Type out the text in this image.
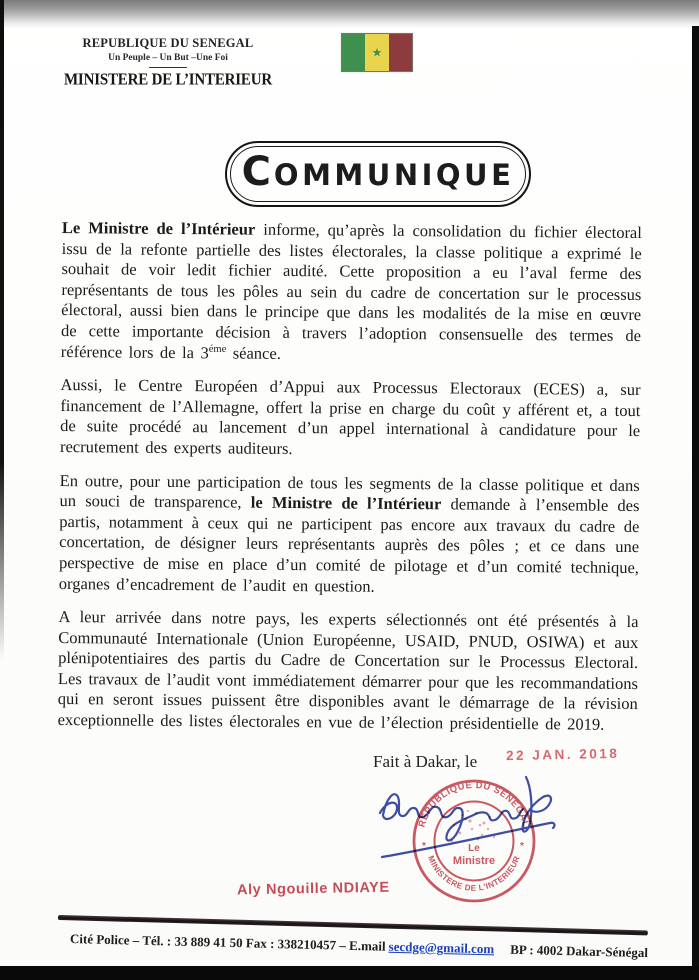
REPUBLIQUE DU SENEGAL
Un Peuple – Un But –Une Foi
MINISTERE DE L’INTERIEUR
★
COMMUNIQUE

Le Ministre de l’Intérieur informe, qu’après la consolidation du fichier électoral issu de la refonte partielle des listes électorales, la classe politique a exprimé le souhait de voir ledit fichier audité. Cette proposition a eu l’aval ferme des représentants de tous les pôles au sein du cadre de concertation sur le processus électoral, aussi bien dans le principe que dans les modalités de la mise en œuvre de cette importante décision à travers l’adoption consensuelle des termes de référence lors de la $3^{éme}$ séance.

Aussi, le Centre Européen d’Appui aux Processus Electoraux (ECES) a, sur financement de l’Allemagne, offert la prise en charge du coût y afférent et, a tout de suite procédé au lancement d’un appel international à candidature pour le recrutement des experts auditeurs.

En outre, pour une participation de tous les segments de la classe politique et dans un souci de transparence, le Ministre de l’Intérieur demande à l’ensemble des partis, notamment à ceux qui ne participent pas encore aux travaux du cadre de concertation, de désigner leurs représentants auprès des pôles ; et ce dans une perspective de mise en place d’un comité de pilotage et d’un comité technique, organes d’encadrement de l’audit en question.

A leur arrivée dans notre pays, les experts sélectionnés ont été présentés à la Communauté Internationale (Union Européenne, USAID, PNUD, OSIWA) et aux plénipotentiaires des partis du Cadre de Concertation sur le Processus Electoral. Les travaux de l’audit vont immédiatement démarrer pour que les recommandations qui en seront issues puissent être disponibles avant le démarrage de la révision exceptionnelle des listes électorales en vue de l’élection présidentielle de 2019.

Fait à Dakar, le 22 JAN. 2018
REPUBLIQUE DU SENEGAL
MINISTERE DE L'INTERIEUR
*	*
Le
Ministre
Aly Ngouille NDIAYE
Cité Police – Tél. : 33 889 41 50 Fax : 338210457 – E.mail secdge@gmail.com BP : 4002 Dakar-Sénégal
